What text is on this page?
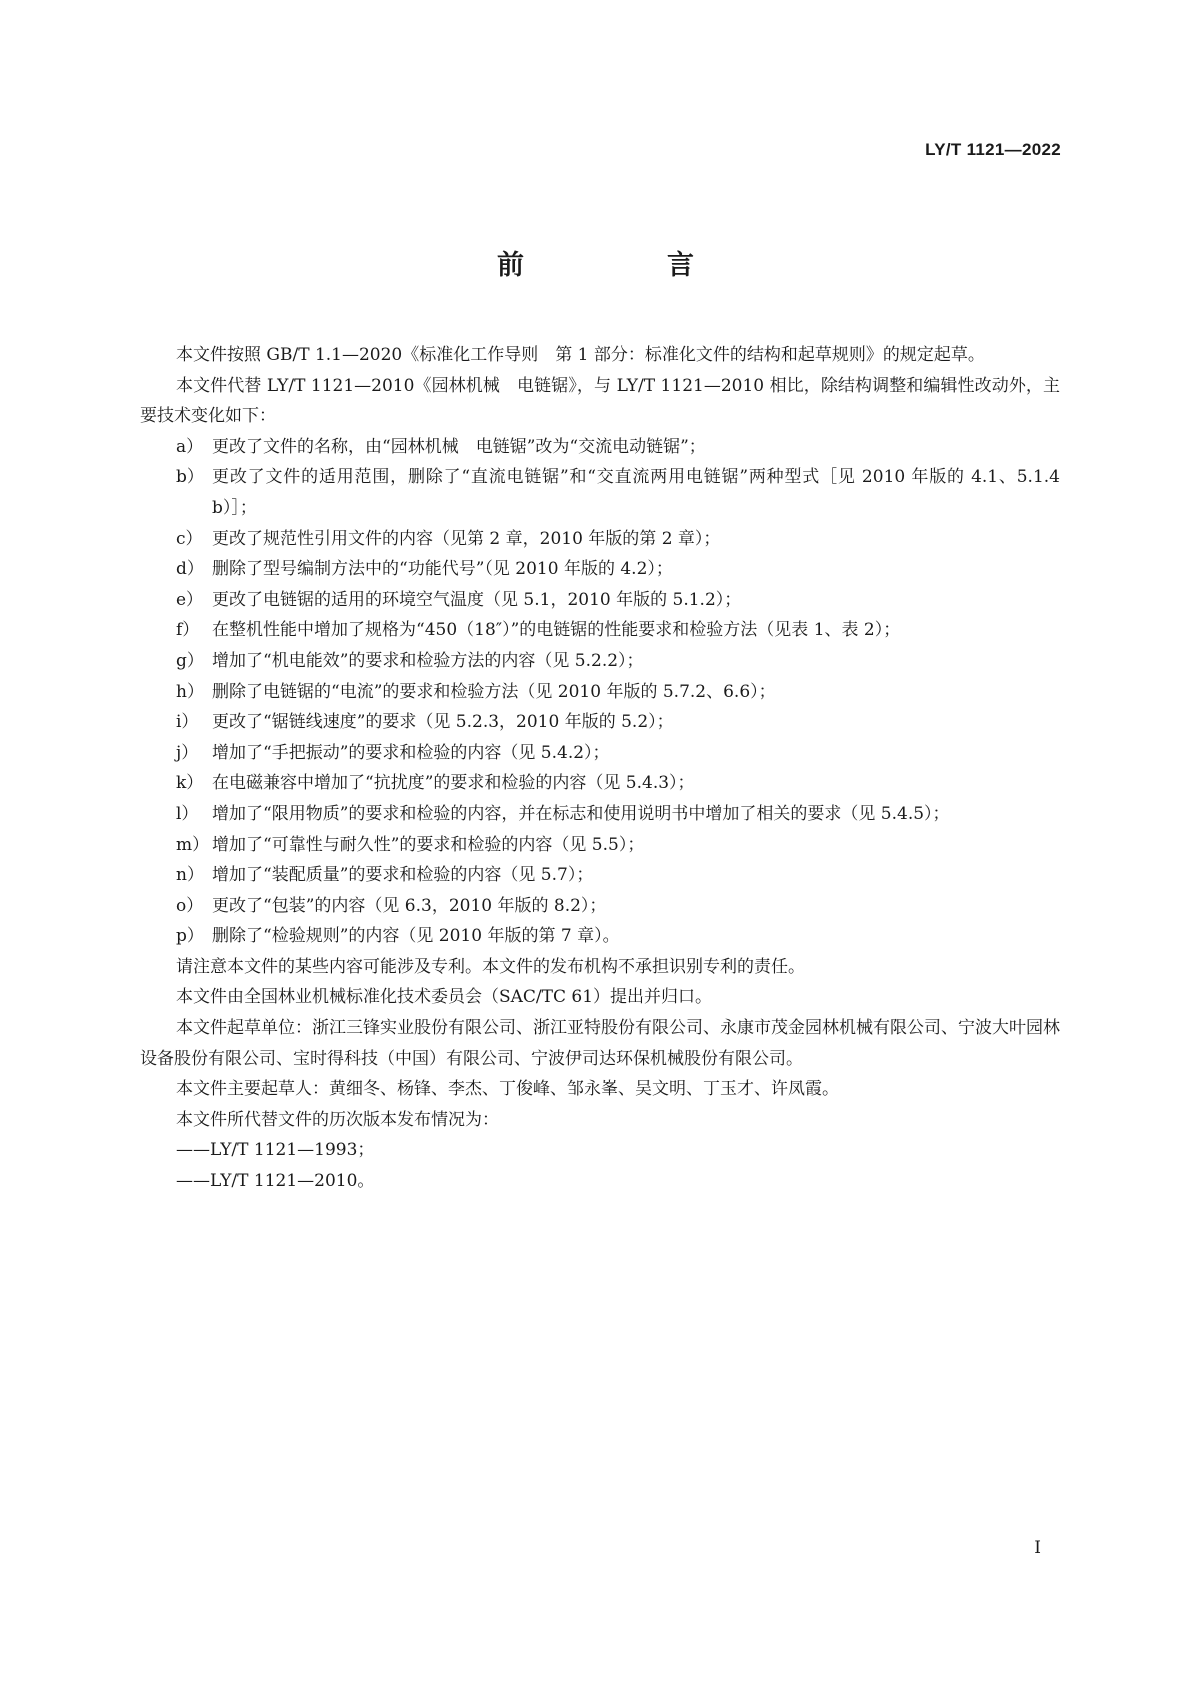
LY/T 1121—2022
前　言

本文件按照 GB/T 1.1—2020《标准化工作导则　第 1 部分：标准化文件的结构和起草规则》的规定起草。

本文件代替 LY/T 1121—2010《园林机械　电链锯》，与 LY/T 1121—2010 相比，除结构调整和编辑性改动外，主要技术变化如下：

a） 更改了文件的名称，由“园林机械　电链锯”改为“交流电动链锯”；

b） 更改了文件的适用范围，删除了“直流电链锯”和“交直流两用电链锯”两种型式［见 2010 年版的 4.1、5.1.4 b）］；

c） 更改了规范性引用文件的内容（见第 2 章，2010 年版的第 2 章）；

d） 删除了型号编制方法中的“功能代号”（见 2010 年版的 4.2）；

e） 更改了电链锯的适用的环境空气温度（见 5.1，2010 年版的 5.1.2）；

f） 在整机性能中增加了规格为“450（18″）”的电链锯的性能要求和检验方法（见表 1、表 2）；

g） 增加了“机电能效”的要求和检验方法的内容（见 5.2.2）；

h） 删除了电链锯的“电流”的要求和检验方法（见 2010 年版的 5.7.2、6.6）；

i） 更改了“锯链线速度”的要求（见 5.2.3，2010 年版的 5.2）；

j） 增加了“手把振动”的要求和检验的内容（见 5.4.2）；

k） 在电磁兼容中增加了“抗扰度”的要求和检验的内容（见 5.4.3）；

l） 增加了“限用物质”的要求和检验的内容，并在标志和使用说明书中增加了相关的要求（见 5.4.5）；

m） 增加了“可靠性与耐久性”的要求和检验的内容（见 5.5）；

n） 增加了“装配质量”的要求和检验的内容（见 5.7）；

o） 更改了“包装”的内容（见 6.3，2010 年版的 8.2）；

p） 删除了“检验规则”的内容（见 2010 年版的第 7 章）。

请注意本文件的某些内容可能涉及专利。本文件的发布机构不承担识别专利的责任。

本文件由全国林业机械标准化技术委员会（SAC/TC 61）提出并归口。

本文件起草单位：浙江三锋实业股份有限公司、浙江亚特股份有限公司、永康市茂金园林机械有限公司、宁波大叶园林设备股份有限公司、宝时得科技（中国）有限公司、宁波伊司达环保机械股份有限公司。

本文件主要起草人：黄细冬、杨锋、李杰、丁俊峰、邹永峯、吴文明、丁玉才、许凤霞。

本文件所代替文件的历次版本发布情况为：

——LY/T 1121—1993；

——LY/T 1121—2010。

Ⅰ
